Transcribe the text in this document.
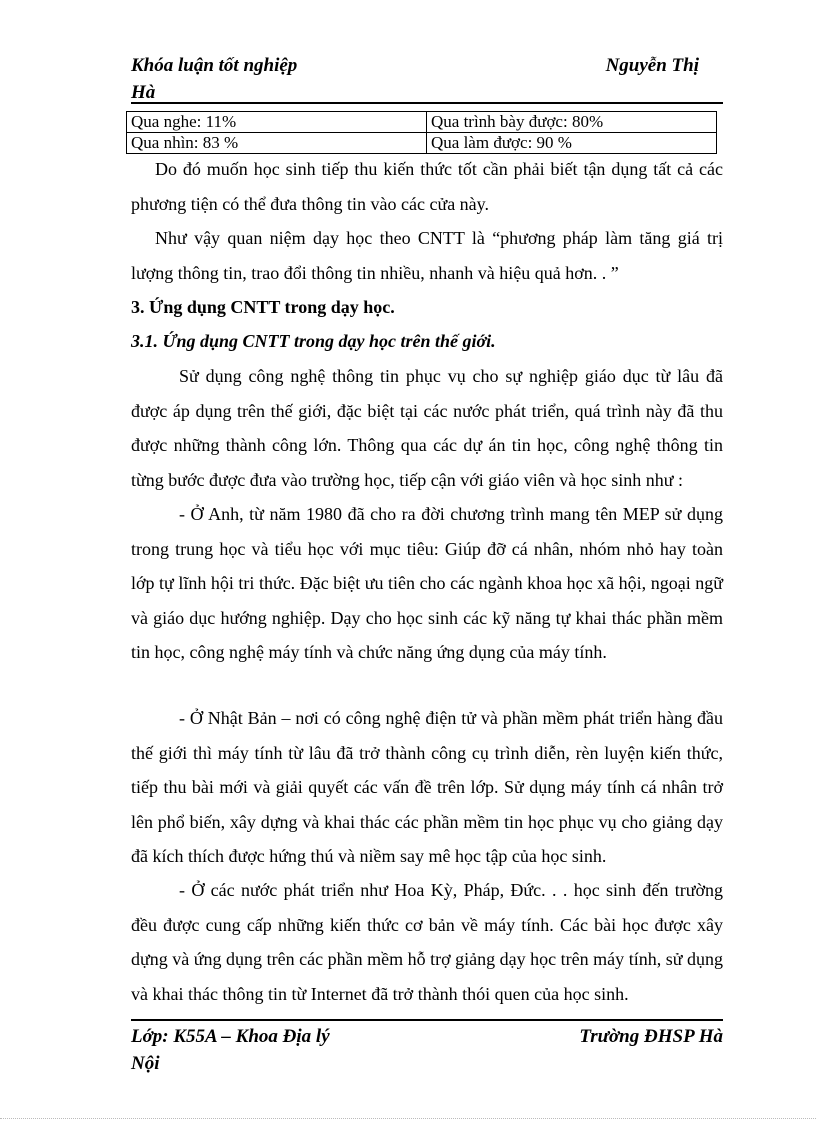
Khóa luận tốt nghiệp
Hà
Nguyễn Thị
Qua nghe: 11%	Qua trình bày được: 80%
Qua nhìn: 83 %	Qua làm được: 90 %

Do đó muốn học sinh tiếp thu kiến thức tốt cần phải biết tận dụng tất cả các phương tiện có thể đưa thông tin vào các cửa này.

Như vậy quan niệm dạy học theo CNTT là “phương pháp làm tăng giá trị lượng thông tin, trao đổi thông tin nhiều, nhanh và hiệu quả hơn. . ”

3. Ứng dụng CNTT trong dạy học.
3.1. Ứng dụng CNTT trong dạy học trên thế giới.

Sử dụng công nghệ thông tin phục vụ cho sự nghiệp giáo dục từ lâu đã được áp dụng trên thế giới, đặc biệt tại các nước phát triển, quá trình này đã thu được những thành công lớn. Thông qua các dự án tin học, công nghệ thông tin từng bước được đưa vào trường học, tiếp cận với giáo viên và học sinh như :

- Ở Anh, từ năm 1980 đã cho ra đời chương trình mang tên MEP sử dụng trong trung học và tiểu học với mục tiêu: Giúp đỡ cá nhân, nhóm nhỏ hay toàn lớp tự lĩnh hội tri thức. Đặc biệt ưu tiên cho các ngành khoa học xã hội, ngoại ngữ và giáo dục hướng nghiệp. Dạy cho học sinh các kỹ năng tự khai thác phần mềm tin học, công nghệ máy tính và chức năng ứng dụng của máy tính.

- Ở Nhật Bản – nơi có công nghệ điện tử và phần mềm phát triển hàng đầu thế giới thì máy tính từ lâu đã trở thành công cụ trình diễn, rèn luyện kiến thức, tiếp thu bài mới và giải quyết các vấn đề trên lớp. Sử dụng máy tính cá nhân trở lên phổ biến, xây dựng và khai thác các phần mềm tin học phục vụ cho giảng dạy đã kích thích được hứng thú và niềm say mê học tập của học sinh.

- Ở các nước phát triển như Hoa Kỳ, Pháp, Đức. . . học sinh đến trường đều được cung cấp những kiến thức cơ bản về máy tính. Các bài học được xây dựng và ứng dụng trên các phần mềm hỗ trợ giảng dạy học trên máy tính, sử dụng và khai thác thông tin từ Internet đã trở thành thói quen của học sinh.

Lớp: K55A – Khoa Địa lý
Nội
Trường ĐHSP Hà
